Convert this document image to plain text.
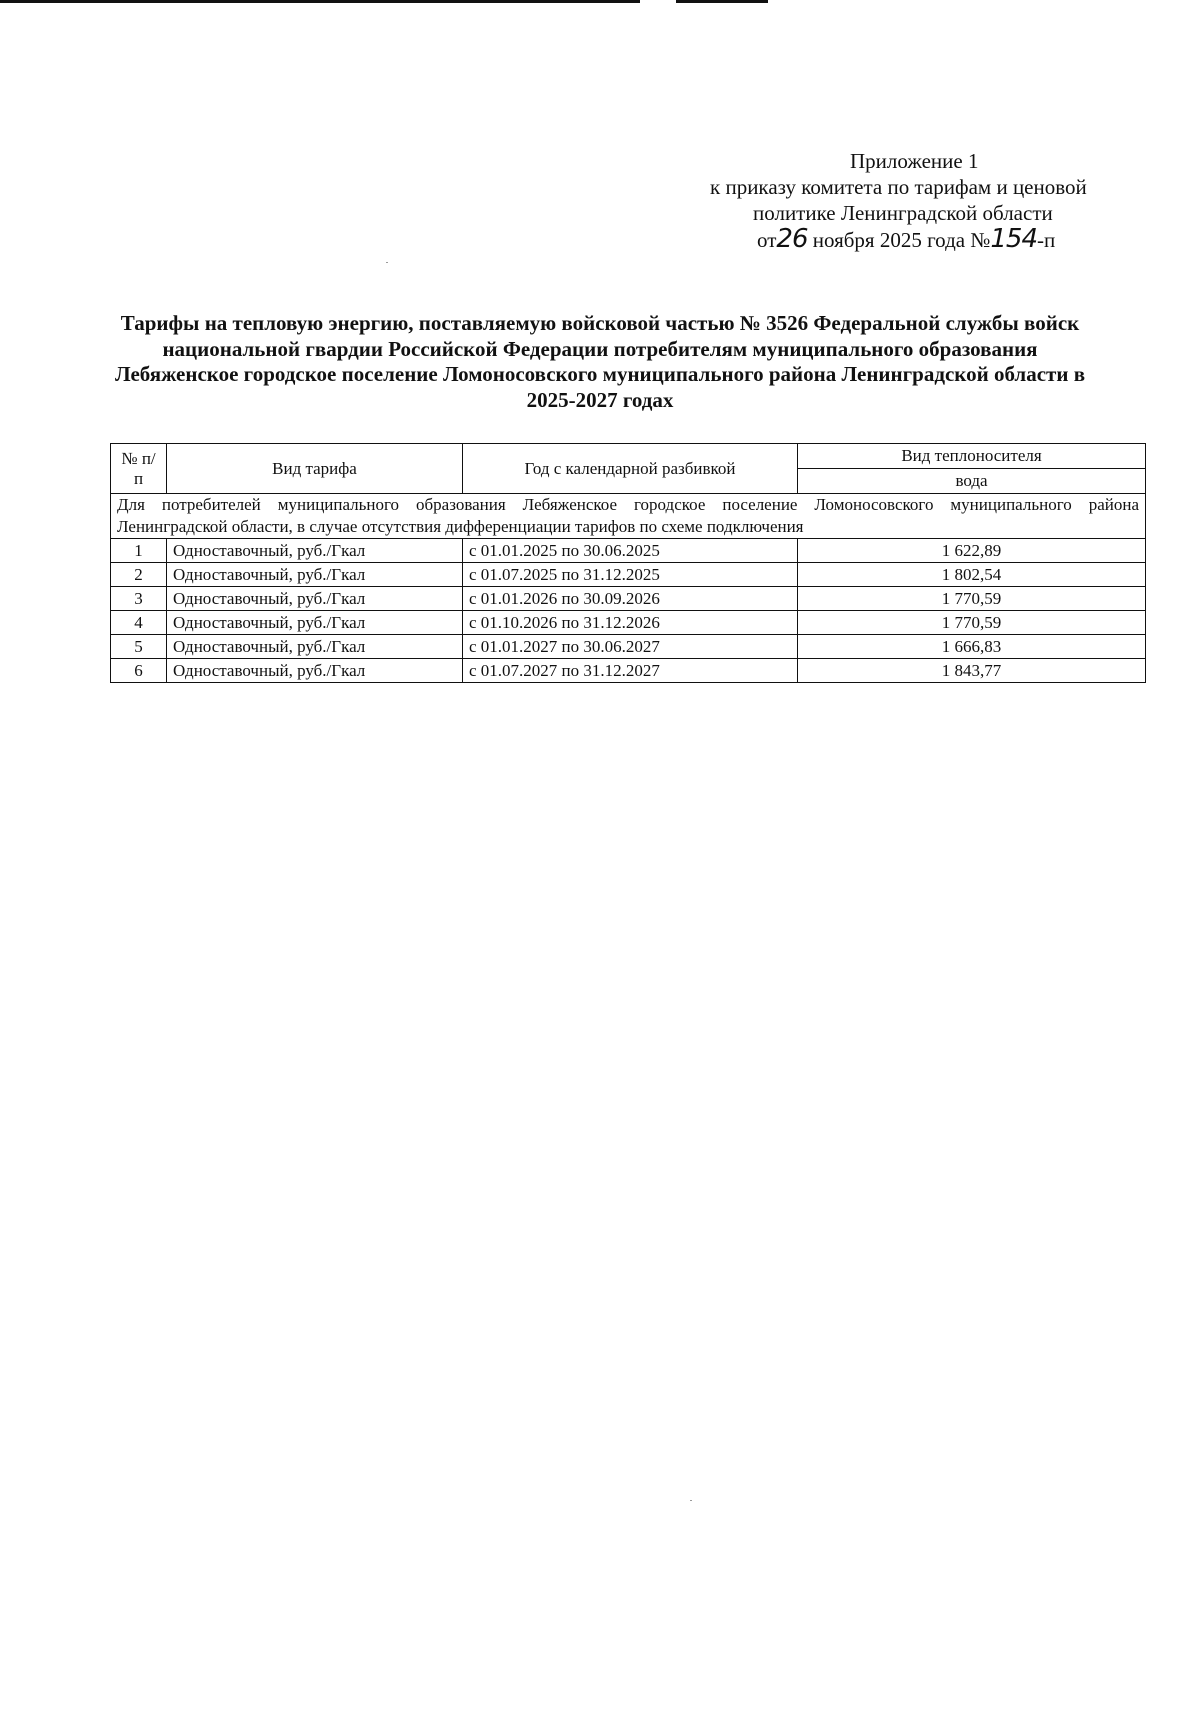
Приложение 1
к приказу комитета по тарифам и ценовой
политике Ленинградской области
от26 ноября 2025 года №154-п
Тарифы на тепловую энергию, поставляемую войсковой частью № 3526 Федеральной службы войск национальной гвардии Российской Федерации потребителям муниципального образования Лебяженское городское поселение Ломоносовского муниципального района Ленинградской области в 2025-2027 годах
№ п/п	Вид тарифа	Год с календарной разбивкой	Вид теплоносителя
			вода
Для потребителей муниципального образования Лебяженское городское поселение Ломоносовского муниципального района Ленинградской области, в случае отсутствия дифференциации тарифов по схеме подключения			
1	Одноставочный, руб./Гкал	с 01.01.2025 по 30.06.2025	1 622,89
2	Одноставочный, руб./Гкал	с 01.07.2025 по 31.12.2025	1 802,54
3	Одноставочный, руб./Гкал	с 01.01.2026 по 30.09.2026	1 770,59
4	Одноставочный, руб./Гкал	с 01.10.2026 по 31.12.2026	1 770,59
5	Одноставочный, руб./Гкал	с 01.01.2027 по 30.06.2027	1 666,83
6	Одноставочный, руб./Гкал	с 01.07.2027 по 31.12.2027	1 843,77
